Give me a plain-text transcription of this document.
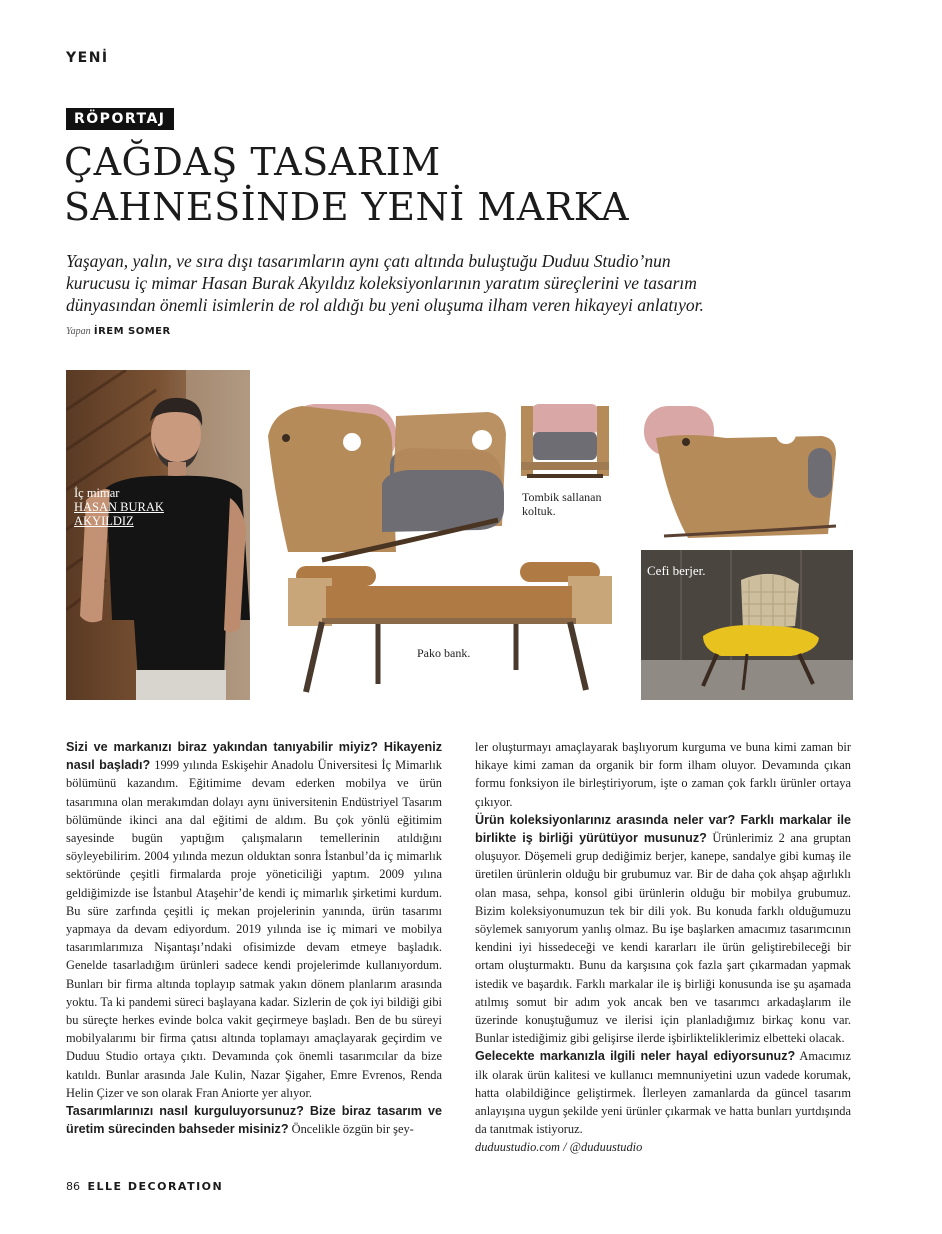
YENİ
RÖPORTAJ
ÇAĞDAŞ TASARIM
SAHNESİNDE YENİ MARKA
Yaşayan, yalın, ve sıra dışı tasarımların aynı çatı altında buluştuğu Duduu Studio’nun
kurucusu iç mimar Hasan Burak Akyıldız koleksiyonlarının yaratım süreçlerini ve tasarım
dünyasından önemli isimlerin de rol aldığı bu yeni oluşuma ilham veren hikayeyi anlatıyor.
Yapan İREM SOMER
İç mimar
HASAN BURAK
AKYILDIZ
Tombik sallanan
koltuk.
Pako bank.
Cefi berjer.

Sizi ve markanızı biraz yakından tanıyabilir miyiz? Hikayeniz nasıl başladı? 1999 yılında Eskişehir Anadolu Üniversitesi İç Mimarlık bölümünü kazandım. Eğitimime devam ederken mobilya ve ürün tasarımına olan merakımdan dolayı aynı üniversitenin Endüstriyel Tasarım bölümünde ikinci ana dal eğitimi de aldım. Bu çok yönlü eğitimim sayesinde bugün yaptığım çalışmaların temellerinin atıldığını söyleyebilirim. 2004 yılında mezun olduktan sonra İstanbul’da iç mimarlık sektöründe çeşitli firmalarda proje yöneticiliği yaptım. 2009 yılına geldiğimizde ise İstanbul Ataşehir’de kendi iç mimarlık şirketimi kurdum. Bu süre zarfında çeşitli iç mekan projelerinin yanında, ürün tasarımı yapmaya da devam ediyordum. 2019 yılında ise iç mimari ve mobilya tasarımlarımıza Nişantaşı’ndaki ofisimizde devam etmeye başladık. Genelde tasarladığım ürünleri sadece kendi projelerimde kullanıyordum. Bunları bir firma altında toplayıp satmak yakın dönem planlarım arasında yoktu. Ta ki pandemi süreci başlayana kadar. Sizlerin de çok iyi bildiği gibi bu süreçte herkes evinde bolca vakit geçirmeye başladı. Ben de bu süreyi mobilyalarımı bir firma çatısı altında toplamayı amaçlayarak geçirdim ve Duduu Studio ortaya çıktı. Devamında çok önemli tasarımcılar da bize katıldı. Bunlar arasında Jale Kulin, Nazar Şigaher, Emre Evrenos, Renda Helin Çizer ve son olarak Fran Aniorte yer alıyor.

Tasarımlarınızı nasıl kurguluyorsunuz? Bize biraz tasarım ve üretim sürecinden bahseder misiniz? Öncelikle özgün bir şey-

ler oluşturmayı amaçlayarak başlıyorum kurguma ve buna kimi zaman bir hikaye kimi zaman da organik bir form ilham oluyor. Devamında çıkan formu fonksiyon ile birleştiriyorum, işte o zaman çok farklı ürünler ortaya çıkıyor.

Ürün koleksiyonlarınız arasında neler var? Farklı markalar ile birlikte iş birliği yürütüyor musunuz? Ürünlerimiz 2 ana gruptan oluşuyor. Döşemeli grup dediğimiz berjer, kanepe, sandalye gibi kumaş ile üretilen ürünlerin olduğu bir grubumuz var. Bir de daha çok ahşap ağırlıklı olan masa, sehpa, konsol gibi ürünlerin olduğu bir mobilya grubumuz. Bizim koleksiyonumuzun tek bir dili yok. Bu konuda farklı olduğumuzu söylemek sanıyorum yanlış olmaz. Bu işe başlarken amacımız tasarımcının kendini iyi hissedeceği ve kendi kararları ile ürün geliştirebileceği bir ortam oluşturmaktı. Bunu da karşısına çok fazla şart çıkarmadan yapmak istedik ve başardık. Farklı markalar ile iş birliği konusunda ise şu aşamada atılmış somut bir adım yok ancak ben ve tasarımcı arkadaşlarım ile üzerinde konuştuğumuz ve ilerisi için planladığımız birkaç konu var. Bunlar istediğimiz gibi gelişirse ilerde işbirlikteliklerimiz elbetteki olacak.

Gelecekte markanızla ilgili neler hayal ediyorsunuz? Amacımız ilk olarak ürün kalitesi ve kullanıcı memnuniyetini uzun vadede korumak, hatta olabildiğince geliştirmek. İlerleyen zamanlarda da güncel tasarım anlayışına uygun şekilde yeni ürünler çıkarmak ve hatta bunları yurtdışında da tanıtmak istiyoruz.

duduustudio.com / @duduustudio

86 ELLE DECORATION
